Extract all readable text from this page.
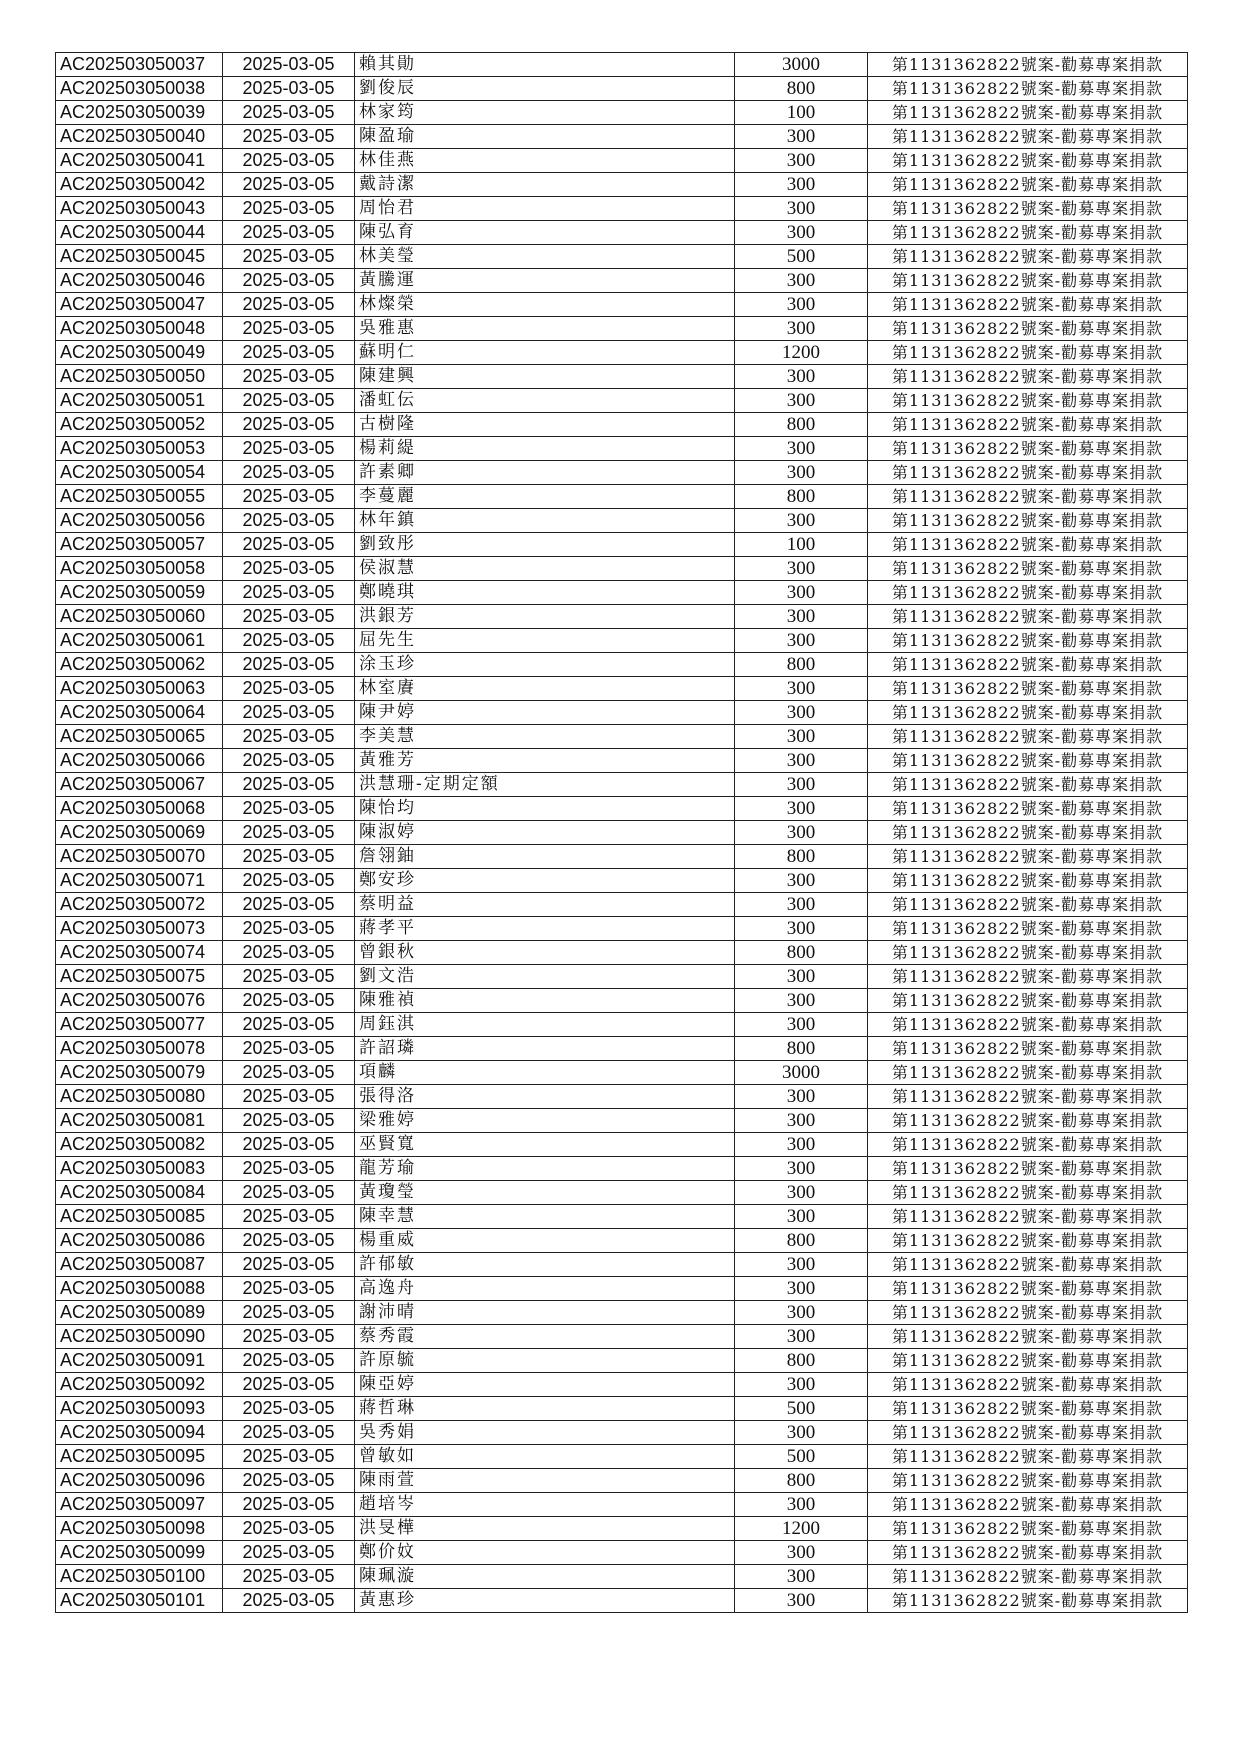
AC202503050037	2025-03-05	賴其勛	3000	第1131362822號案-勸募專案捐款
AC202503050038	2025-03-05	劉俊辰	800	第1131362822號案-勸募專案捐款
AC202503050039	2025-03-05	林家筠	100	第1131362822號案-勸募專案捐款
AC202503050040	2025-03-05	陳盈瑜	300	第1131362822號案-勸募專案捐款
AC202503050041	2025-03-05	林佳燕	300	第1131362822號案-勸募專案捐款
AC202503050042	2025-03-05	戴詩潔	300	第1131362822號案-勸募專案捐款
AC202503050043	2025-03-05	周怡君	300	第1131362822號案-勸募專案捐款
AC202503050044	2025-03-05	陳弘育	300	第1131362822號案-勸募專案捐款
AC202503050045	2025-03-05	林美瑩	500	第1131362822號案-勸募專案捐款
AC202503050046	2025-03-05	黃騰運	300	第1131362822號案-勸募專案捐款
AC202503050047	2025-03-05	林燦榮	300	第1131362822號案-勸募專案捐款
AC202503050048	2025-03-05	吳雅惠	300	第1131362822號案-勸募專案捐款
AC202503050049	2025-03-05	蘇明仁	1200	第1131362822號案-勸募專案捐款
AC202503050050	2025-03-05	陳建興	300	第1131362822號案-勸募專案捐款
AC202503050051	2025-03-05	潘虹伝	300	第1131362822號案-勸募專案捐款
AC202503050052	2025-03-05	古樹隆	800	第1131362822號案-勸募專案捐款
AC202503050053	2025-03-05	楊莉緹	300	第1131362822號案-勸募專案捐款
AC202503050054	2025-03-05	許素卿	300	第1131362822號案-勸募專案捐款
AC202503050055	2025-03-05	李蔓麗	800	第1131362822號案-勸募專案捐款
AC202503050056	2025-03-05	林年鎮	300	第1131362822號案-勸募專案捐款
AC202503050057	2025-03-05	劉致彤	100	第1131362822號案-勸募專案捐款
AC202503050058	2025-03-05	侯淑慧	300	第1131362822號案-勸募專案捐款
AC202503050059	2025-03-05	鄭曉琪	300	第1131362822號案-勸募專案捐款
AC202503050060	2025-03-05	洪銀芳	300	第1131362822號案-勸募專案捐款
AC202503050061	2025-03-05	屈先生	300	第1131362822號案-勸募專案捐款
AC202503050062	2025-03-05	涂玉珍	800	第1131362822號案-勸募專案捐款
AC202503050063	2025-03-05	林室賡	300	第1131362822號案-勸募專案捐款
AC202503050064	2025-03-05	陳尹婷	300	第1131362822號案-勸募專案捐款
AC202503050065	2025-03-05	李美慧	300	第1131362822號案-勸募專案捐款
AC202503050066	2025-03-05	黃雅芳	300	第1131362822號案-勸募專案捐款
AC202503050067	2025-03-05	洪慧珊-定期定額	300	第1131362822號案-勸募專案捐款
AC202503050068	2025-03-05	陳怡均	300	第1131362822號案-勸募專案捐款
AC202503050069	2025-03-05	陳淑婷	300	第1131362822號案-勸募專案捐款
AC202503050070	2025-03-05	詹翎鈾	800	第1131362822號案-勸募專案捐款
AC202503050071	2025-03-05	鄭安珍	300	第1131362822號案-勸募專案捐款
AC202503050072	2025-03-05	蔡明益	300	第1131362822號案-勸募專案捐款
AC202503050073	2025-03-05	蔣孝平	300	第1131362822號案-勸募專案捐款
AC202503050074	2025-03-05	曾銀秋	800	第1131362822號案-勸募專案捐款
AC202503050075	2025-03-05	劉文浩	300	第1131362822號案-勸募專案捐款
AC202503050076	2025-03-05	陳雅禎	300	第1131362822號案-勸募專案捐款
AC202503050077	2025-03-05	周鈺淇	300	第1131362822號案-勸募專案捐款
AC202503050078	2025-03-05	許詔璘	800	第1131362822號案-勸募專案捐款
AC202503050079	2025-03-05	項麟	3000	第1131362822號案-勸募專案捐款
AC202503050080	2025-03-05	張得洛	300	第1131362822號案-勸募專案捐款
AC202503050081	2025-03-05	梁雅婷	300	第1131362822號案-勸募專案捐款
AC202503050082	2025-03-05	巫賢寬	300	第1131362822號案-勸募專案捐款
AC202503050083	2025-03-05	龍芳瑜	300	第1131362822號案-勸募專案捐款
AC202503050084	2025-03-05	黃瓊瑩	300	第1131362822號案-勸募專案捐款
AC202503050085	2025-03-05	陳幸慧	300	第1131362822號案-勸募專案捐款
AC202503050086	2025-03-05	楊重威	800	第1131362822號案-勸募專案捐款
AC202503050087	2025-03-05	許郁敏	300	第1131362822號案-勸募專案捐款
AC202503050088	2025-03-05	高逸舟	300	第1131362822號案-勸募專案捐款
AC202503050089	2025-03-05	謝沛晴	300	第1131362822號案-勸募專案捐款
AC202503050090	2025-03-05	蔡秀霞	300	第1131362822號案-勸募專案捐款
AC202503050091	2025-03-05	許原毓	800	第1131362822號案-勸募專案捐款
AC202503050092	2025-03-05	陳亞婷	300	第1131362822號案-勸募專案捐款
AC202503050093	2025-03-05	蔣哲琳	500	第1131362822號案-勸募專案捐款
AC202503050094	2025-03-05	吳秀娟	300	第1131362822號案-勸募專案捐款
AC202503050095	2025-03-05	曾敏如	500	第1131362822號案-勸募專案捐款
AC202503050096	2025-03-05	陳雨萱	800	第1131362822號案-勸募專案捐款
AC202503050097	2025-03-05	趙培岑	300	第1131362822號案-勸募專案捐款
AC202503050098	2025-03-05	洪旻樺	1200	第1131362822號案-勸募專案捐款
AC202503050099	2025-03-05	鄭价妏	300	第1131362822號案-勸募專案捐款
AC202503050100	2025-03-05	陳珮漩	300	第1131362822號案-勸募專案捐款
AC202503050101	2025-03-05	黃惠珍	300	第1131362822號案-勸募專案捐款
